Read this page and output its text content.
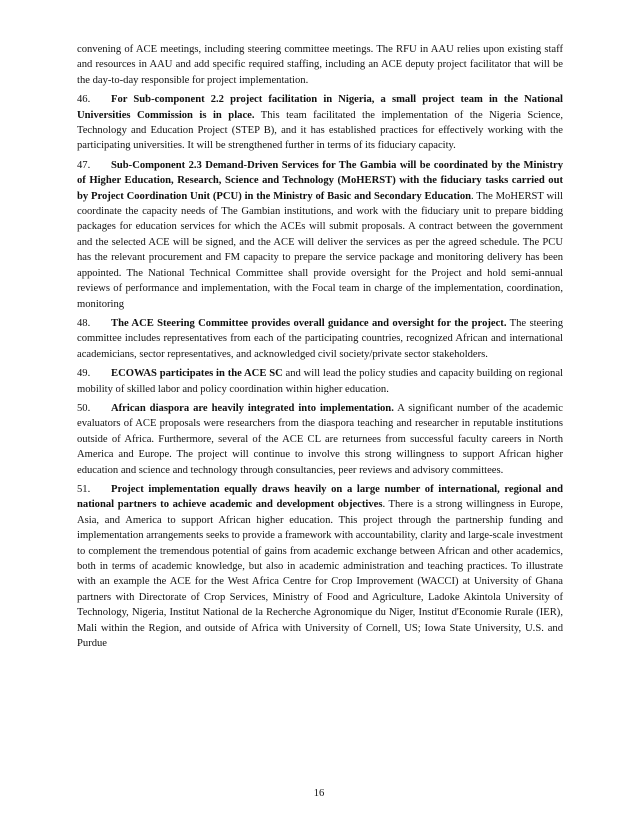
convening of ACE meetings, including steering committee meetings. The RFU in AAU relies upon existing staff and resources in AAU and add specific required staffing, including an ACE deputy project facilitator that will be the day-to-day responsible for project implementation.

46. For Sub-component 2.2 project facilitation in Nigeria, a small project team in the National Universities Commission is in place. This team facilitated the implementation of the Nigeria Science, Technology and Education Project (STEP B), and it has established practices for effectively working with the participating universities. It will be strengthened further in terms of its fiduciary capacity.

47. Sub-Component 2.3 Demand-Driven Services for The Gambia will be coordinated by the Ministry of Higher Education, Research, Science and Technology (MoHERST) with the fiduciary tasks carried out by Project Coordination Unit (PCU) in the Ministry of Basic and Secondary Education. The MoHERST will coordinate the capacity needs of The Gambian institutions, and work with the fiduciary unit to prepare bidding packages for education services for which the ACEs will submit proposals. A contract between the government and the selected ACE will be signed, and the ACE will deliver the services as per the agreed schedule. The PCU has the relevant procurement and FM capacity to prepare the service package and monitoring delivery has been appointed. The National Technical Committee shall provide oversight for the Project and hold semi-annual reviews of performance and implementation, with the Focal team in charge of the implementation, coordination, monitoring

48. The ACE Steering Committee provides overall guidance and oversight for the project. The steering committee includes representatives from each of the participating countries, recognized African and international academicians, sector representatives, and acknowledged civil society/private sector stakeholders.

49. ECOWAS participates in the ACE SC and will lead the policy studies and capacity building on regional mobility of skilled labor and policy coordination within higher education.

50. African diaspora are heavily integrated into implementation. A significant number of the academic evaluators of ACE proposals were researchers from the diaspora teaching and researcher in reputable institutions outside of Africa. Furthermore, several of the ACE CL are returnees from successful faculty careers in North America and Europe. The project will continue to involve this strong willingness to support African higher education and science and technology through consultancies, peer reviews and advisory committees.

51. Project implementation equally draws heavily on a large number of international, regional and national partners to achieve academic and development objectives. There is a strong willingness in Europe, Asia, and America to support African higher education. This project through the partnership funding and implementation arrangements seeks to provide a framework with accountability, clarity and large-scale investment to complement the tremendous potential of gains from academic exchange between African and other academics, both in terms of academic knowledge, but also in academic administration and teaching practices. To illustrate with an example the ACE for the West Africa Centre for Crop Improvement (WACCI) at University of Ghana partners with Directorate of Crop Services, Ministry of Food and Agriculture, Ladoke Akintola University of Technology, Nigeria, Institut National de la Recherche Agronomique du Niger, Institut d'Economie Rurale (IER), Mali within the Region, and outside of Africa with University of Cornell, US; Iowa State University, U.S. and Purdue

16
